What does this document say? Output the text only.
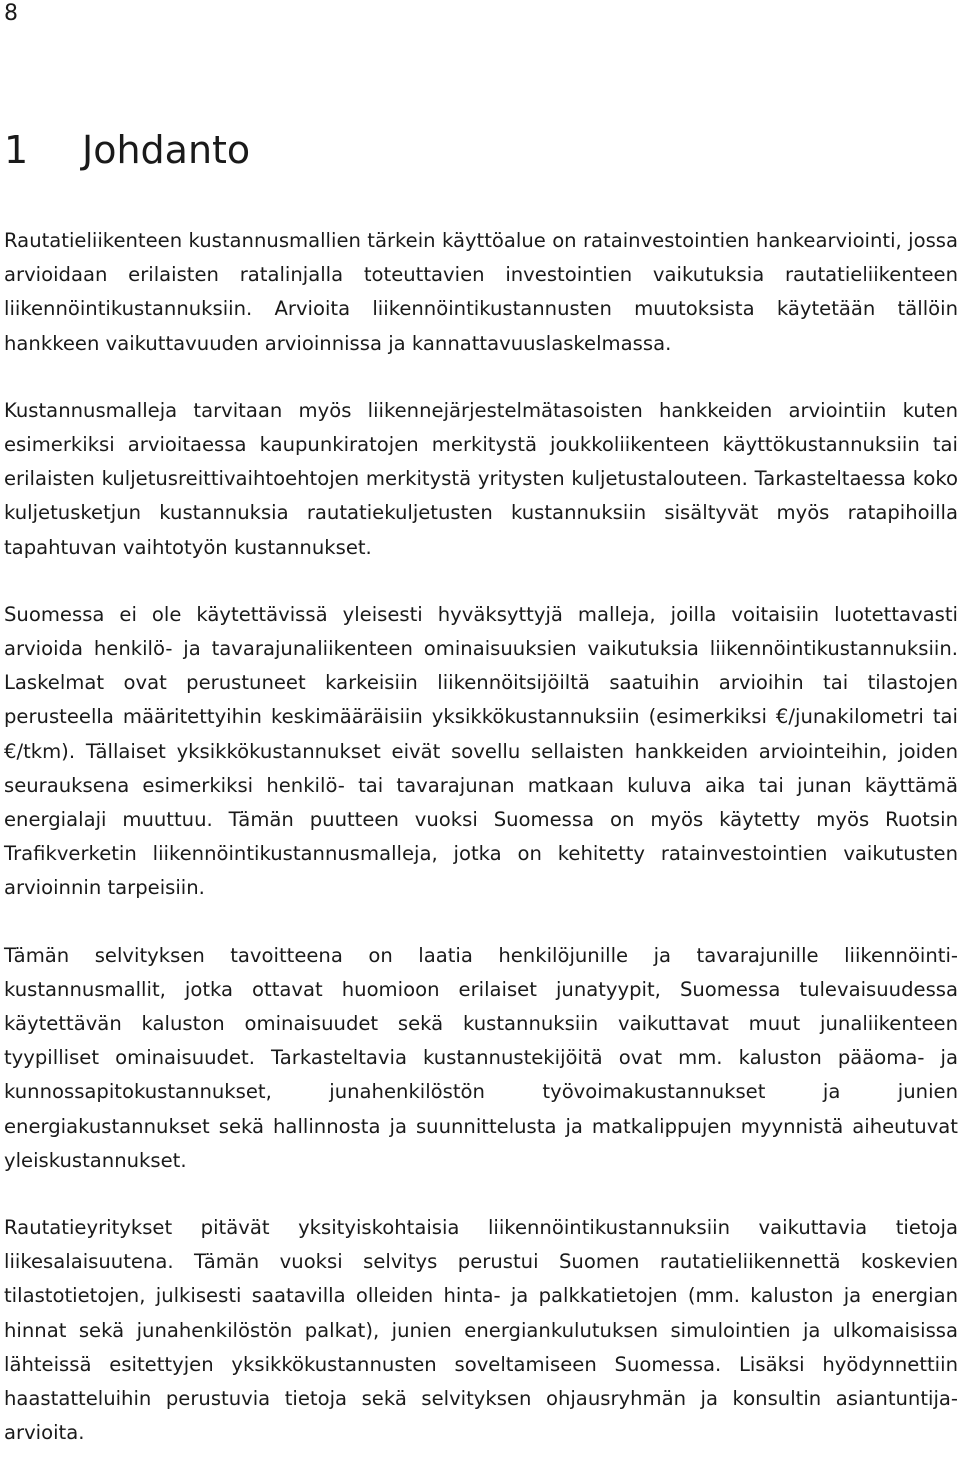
8
1 Johdanto

Rautatieliikenteen kustannusmallien tärkein käyttöalue on ratainvestointien hankearviointi, jossa arvioidaan erilaisten ratalinjalla toteuttavien investointien vaikutuksia rautatieliikenteen liikennöintikustannuksiin. Arvioita liikennöintikustannusten muutoksista käytetään tällöin hankkeen vaikuttavuuden arvioinnissa ja kannattavuuslaskelmassa.

Kustannusmalleja tarvitaan myös liikennejärjestelmätasoisten hankkeiden arviointiin kuten esimerkiksi arvioitaessa kaupunkiratojen merkitystä joukkoliikenteen käyttökustannuksiin tai erilaisten kuljetusreittivaihtoehtojen merkitystä yritysten kuljetustalouteen. Tarkasteltaessa koko kuljetusketjun kustannuksia rautatiekuljetusten kustannuksiin sisältyvät myös ratapihoilla tapahtuvan vaihtotyön kustannukset.

Suomessa ei ole käytettävissä yleisesti hyväksyttyjä malleja, joilla voitaisiin luotettavasti arvioida henkilö- ja tavarajunaliikenteen ominaisuuksien vaikutuksia liikennöintikustannuksiin. Laskelmat ovat perustuneet karkeisiin liikennöitsijöiltä saatuihin arvioihin tai tilastojen perusteella määritettyihin keskimääräisiin yksikkökustannuksiin (esimerkiksi €/junakilometri tai €/tkm). Tällaiset yksikkökustannukset eivät sovellu sellaisten hankkeiden arviointeihin, joiden seurauksena esimerkiksi henkilö- tai tavarajunan matkaan kuluva aika tai junan käyttämä energialaji muuttuu. Tämän puutteen vuoksi Suomessa on myös käytetty myös Ruotsin Trafikverketin liikennöintikustannusmalleja, jotka on kehitetty ratainvestointien vaikutusten arvioinnin tarpeisiin.

Tämän selvityksen tavoitteena on laatia henkilöjunille ja tavarajunille liikennöintikustannusmallit, jotka ottavat huomioon erilaiset junatyypit, Suomessa tulevaisuudessa käytettävän kaluston ominaisuudet sekä kustannuksiin vaikuttavat muut junaliikenteen tyypilliset ominaisuudet. Tarkasteltavia kustannustekijöitä ovat mm. kaluston pääoma- ja kunnossapitokustannukset, junahenkilöstön työvoimakustannukset ja junien energiakustannukset sekä hallinnosta ja suunnittelusta ja matkalippujen myynnistä aiheutuvat yleiskustannukset.

Rautatieyritykset pitävät yksityiskohtaisia liikennöintikustannuksiin vaikuttavia tietoja liikesalaisuutena. Tämän vuoksi selvitys perustui Suomen rautatieliikennettä koskevien tilastotietojen, julkisesti saatavilla olleiden hinta- ja palkkatietojen (mm. kaluston ja energian hinnat sekä junahenkilöstön palkat), junien energiankulutuksen simulointien ja ulkomaisissa lähteissä esitettyjen yksikkökustannusten soveltamiseen Suomessa. Lisäksi hyödynnettiin haastatteluihin perustuvia tietoja sekä selvityksen ohjausryhmän ja konsultin asiantuntija-arvioita.
